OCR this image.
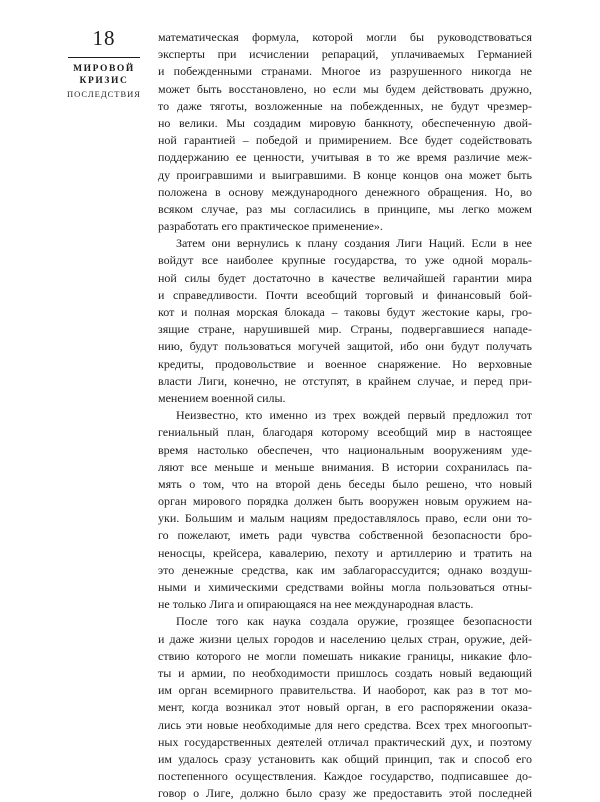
18
МИРОВОЙ
КРИЗИС
ПОСЛЕДСТВИЯ
математическая формула, которой могли бы руководствоваться
эксперты при исчислении репараций, уплачиваемых Германией
и побежденными странами. Многое из разрушенного никогда не
может быть восстановлено, но если мы будем действовать дружно,
то даже тяготы, возложенные на побежденных, не будут чрезмер-
но велики. Мы создадим мировую банкноту, обеспеченную двой-
ной гарантией – победой и примирением. Все будет содействовать
поддержанию ее ценности, учитывая в то же время различие меж-
ду проигравшими и выигравшими. В конце концов она может быть
положена в основу международного денежного обращения. Но, во
всяком случае, раз мы согласились в принципе, мы легко можем
разработать его практическое применение».
Затем они вернулись к плану создания Лиги Наций. Если в нее
войдут все наиболее крупные государства, то уже одной мораль-
ной силы будет достаточно в качестве величайшей гарантии мира
и справедливости. Почти всеобщий торговый и финансовый бой-
кот и полная морская блокада – таковы будут жестокие кары, гро-
зящие стране, нарушившей мир. Страны, подвергавшиеся нападе-
нию, будут пользоваться могучей защитой, ибо они будут получать
кредиты, продовольствие и военное снаряжение. Но верховные
власти Лиги, конечно, не отступят, в крайнем случае, и перед при-
менением военной силы.
Неизвестно, кто именно из трех вождей первый предложил тот
гениальный план, благодаря которому всеобщий мир в настоящее
время настолько обеспечен, что национальным вооружениям уде-
ляют все меньше и меньше внимания. В истории сохранилась па-
мять о том, что на второй день беседы было решено, что новый
орган мирового порядка должен быть вооружен новым оружием на-
уки. Большим и малым нациям предоставлялось право, если они то-
го пожелают, иметь ради чувства собственной безопасности бро-
неносцы, крейсера, кавалерию, пехоту и артиллерию и тратить на
это денежные средства, как им заблагорассудится; однако воздуш-
ными и химическими средствами войны могла пользоваться отны-
не только Лига и опирающаяся на нее международная власть.
После того как наука создала оружие, грозящее безопасности
и даже жизни целых городов и населению целых стран, оружие, дей-
ствию которого не могли помешать никакие границы, никакие фло-
ты и армии, по необходимости пришлось создать новый ведающий
им орган всемирного правительства. И наоборот, как раз в тот мо-
мент, когда возникал этот новый орган, в его распоряжении оказа-
лись эти новые необходимые для него средства. Всех трех многоопыт-
ных государственных деятелей отличал практический дух, и поэтому
им удалось сразу установить как общий принцип, так и способ его
постепенного осуществления. Каждое государство, подписавшее до-
говор о Лиге, должно было сразу же предоставить этой последней
